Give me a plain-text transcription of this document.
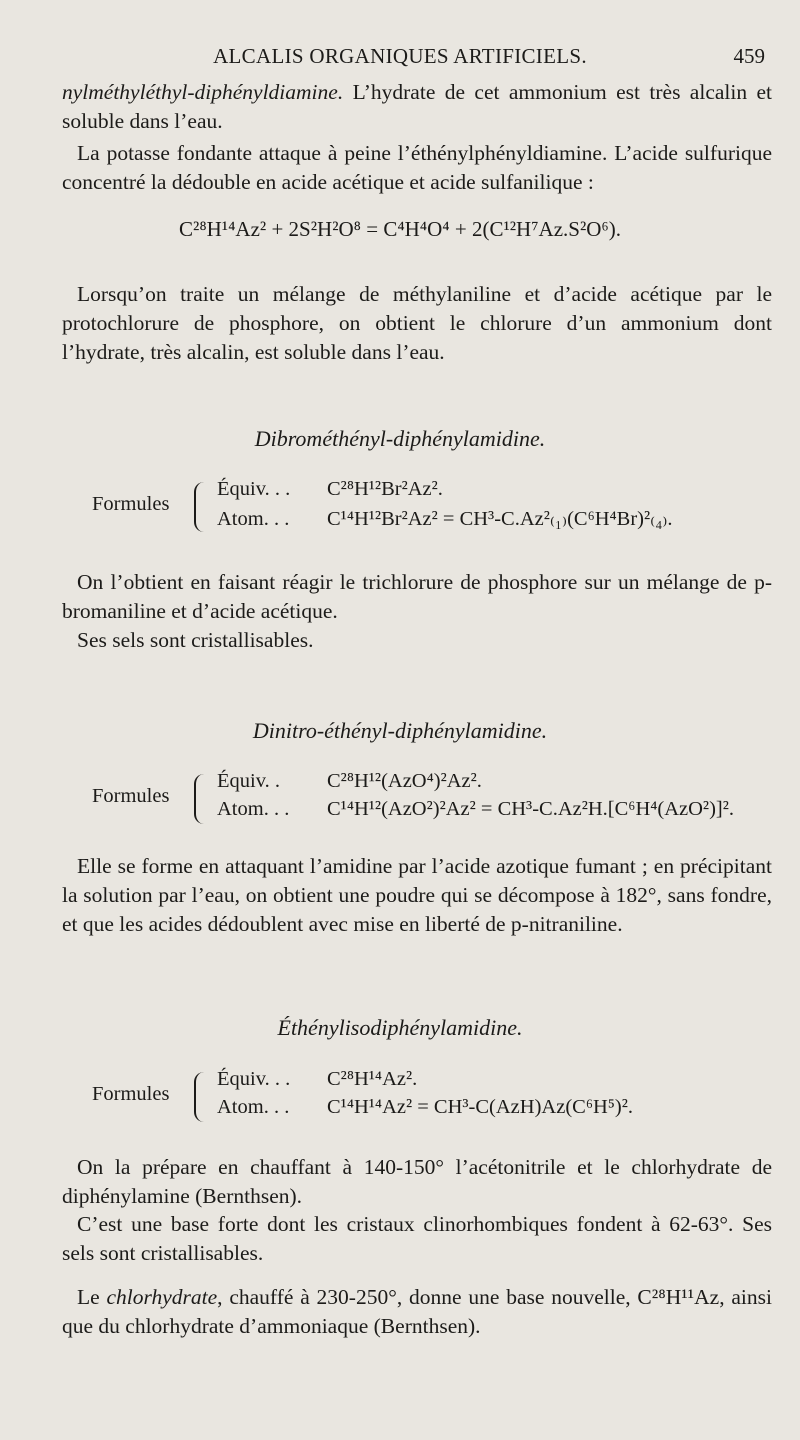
ALCALIS ORGANIQUES ARTIFICIELS.	459
nylméthyléthyl-diphényldiamine. L’hydrate de cet ammonium est très alcalin et soluble dans l’eau.
La potasse fondante attaque à peine l’éthénylphényldiamine. L’acide sulfurique concentré la dédouble en acide acétique et acide sulfanilique :
C²⁸H¹⁴Az² + 2S²H²O⁸ = C⁴H⁴O⁴ + 2(C¹²H⁷Az.S²O⁶).
Lorsqu’on traite un mélange de méthylaniline et d’acide acétique par le protochlorure de phosphore, on obtient le chlorure d’un ammonium dont l’hydrate, très alcalin, est soluble dans l’eau.
Dibrométhényl-diphénylamidine.
Formules
Équiv. . . C²⁸H¹²Br²Az².
Atom. . . C¹⁴H¹²Br²Az² = CH³-C.Az²₍₁₎(C⁶H⁴Br)²₍₄₎.
On l’obtient en faisant réagir le trichlorure de phosphore sur un mélange de p-bromaniline et d’acide acétique.
Ses sels sont cristallisables.
Dinitro-éthényl-diphénylamidine.
Formules
Équiv. . C²⁸H¹²(AzO⁴)²Az².
Atom. . . C¹⁴H¹²(AzO²)²Az² = CH³-C.Az²H.[C⁶H⁴(AzO²)]².
Elle se forme en attaquant l’amidine par l’acide azotique fumant ; en précipitant la solution par l’eau, on obtient une poudre qui se décompose à 182°, sans fondre, et que les acides dédoublent avec mise en liberté de p-nitraniline.
Éthénylisodiphénylamidine.
Formules
Équiv. . . C²⁸H¹⁴Az².
Atom. . . C¹⁴H¹⁴Az² = CH³-C(AzH)Az(C⁶H⁵)².
On la prépare en chauffant à 140-150° l’acétonitrile et le chlorhydrate de diphénylamine (Bernthsen).
C’est une base forte dont les cristaux clinorhombiques fondent à 62-63°. Ses sels sont cristallisables.
Le chlorhydrate, chauffé à 230-250°, donne une base nouvelle, C²⁸H¹¹Az, ainsi que du chlorhydrate d’ammoniaque (Bernthsen).
